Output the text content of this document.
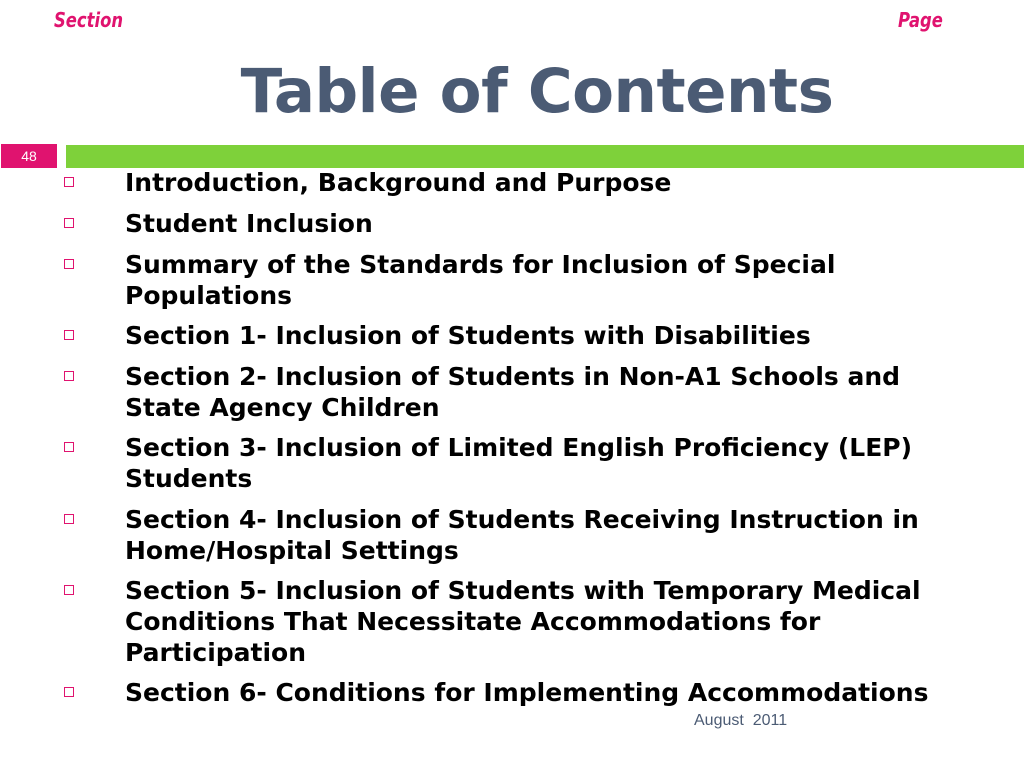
Section	Page
Table of Contents
48
Introduction, Background and Purpose
Student Inclusion
Summary of the Standards for Inclusion of Special
Populations
Section 1- Inclusion of Students with Disabilities
Section 2- Inclusion of Students in Non-A1 Schools and
State Agency Children
Section 3- Inclusion of Limited English Proficiency (LEP)
Students
Section 4- Inclusion of Students Receiving Instruction in
Home/Hospital Settings
Section 5- Inclusion of Students with Temporary Medical
Conditions That Necessitate Accommodations for
Participation
Section 6- Conditions for Implementing Accommodations
August  2011
